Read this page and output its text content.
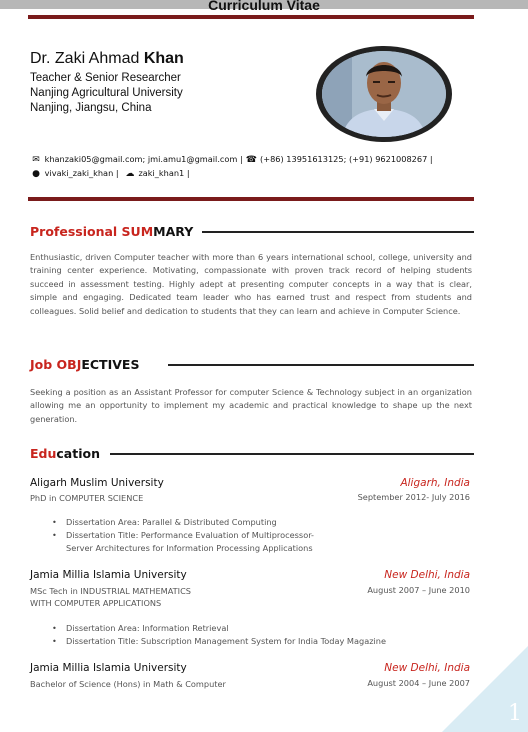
Curriculum Vitae
Dr. Zaki Ahmad Khan
Teacher & Senior Researcher
Nanjing Agricultural University
Nanjing, Jiangsu, China
✉ khanzaki05@gmail.com; jmi.amu1@gmail.com | ☎ (+86) 13951613125; (+91) 9621008267 |
● vivaki_zaki_khan | ☁ zaki_khan1 |
Professional SUMMARY
Enthusiastic, driven Computer teacher with more than 6 years international school, college, university and training center experience. Motivating, compassionate with proven track record of helping students succeed in assessment testing. Highly adept at presenting computer concepts in a way that is clear, simple and engaging. Dedicated team leader who has earned trust and respect from students and colleagues. Solid belief and dedication to students that they can learn and achieve in Computer Science.
Job OBJECTIVES
Seeking a position as an Assistant Professor for computer Science & Technology subject in an organization allowing me an opportunity to implement my academic and practical knowledge to shape up the next generation.
Education
Aligarh Muslim University	Aligarh, India
PhD in COMPUTER SCIENCE	September 2012- July 2016
• Dissertation Area: Parallel & Distributed Computing
• Dissertation Title: Performance Evaluation of Multiprocessor-
Server Architectures for Information Processing Applications
Jamia Millia Islamia University	New Delhi, India
MSc Tech in INDUSTRIAL MATHEMATICS
WITH COMPUTER APPLICATIONS
August 2007 – June 2010
• Dissertation Area: Information Retrieval
• Dissertation Title: Subscription Management System for India Today Magazine
Jamia Millia Islamia University	New Delhi, India
Bachelor of Science (Hons) in Math & Computer	August 2004 – June 2007
1
